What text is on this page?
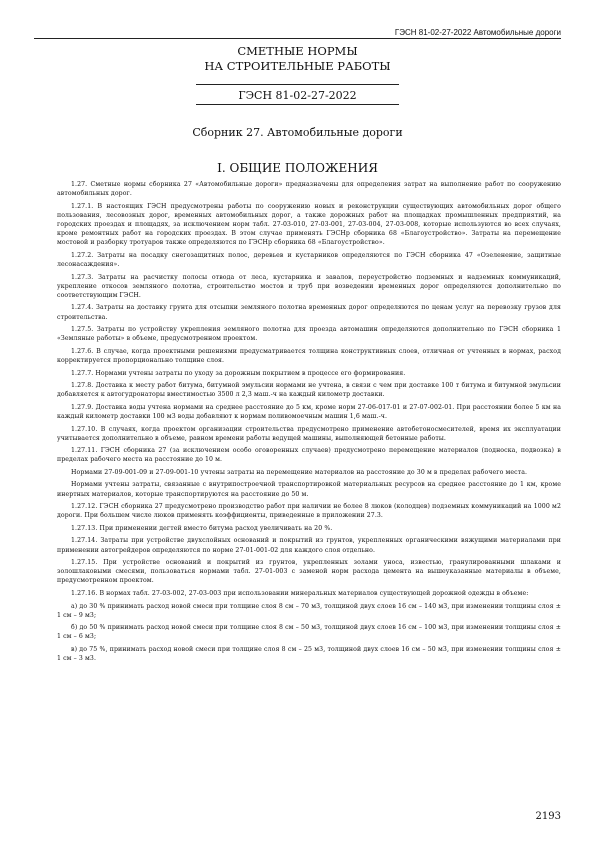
ГЭСН 81-02-27-2022 Автомобильные дороги
СМЕТНЫЕ НОРМЫ
НА СТРОИТЕЛЬНЫЕ РАБОТЫ
ГЭСН 81-02-27-2022
Сборник 27. Автомобильные дороги
I. ОБЩИЕ ПОЛОЖЕНИЯ

1.27. Сметные нормы сборника 27 «Автомобильные дороги» предназначены для определения затрат на выполнение работ по сооружению автомобильных дорог.

1.27.1. В настоящих ГЭСН предусмотрены работы по сооружению новых и реконструкции существующих автомобильных дорог общего пользования, лесовозных дорог, временных автомобильных дорог, а также дорожных работ на площадках промышленных предприятий, на городских проездах и площадях, за исключением норм табл. 27-03-010, 27-03-001, 27-03-004, 27-03-008, которые используются во всех случаях, кроме ремонтных работ на городских проездах. В этом случае применять ГЭСНр сборника 68 «Благоустройство». Затраты на перемещение мостовой и разборку тротуаров также определяются по ГЭСНр сборника 68 «Благоустройство».

1.27.2. Затраты на посадку снегозащитных полос, деревьев и кустарников определяются по ГЭСН сборника 47 «Озеленение, защитные лесонасаждения».

1.27.3. Затраты на расчистку полосы отвода от леса, кустарника и завалов, переустройство подземных и надземных коммуникаций, укрепление откосов земляного полотна, строительство мостов и труб при возведении временных дорог определяются дополнительно по соответствующим ГЭСН.

1.27.4. Затраты на доставку грунта для отсыпки земляного полотна временных дорог определяются по ценам услуг на перевозку грузов для строительства.

1.27.5. Затраты по устройству укрепления земляного полотна для проезда автомашин определяются дополнительно по ГЭСН сборника 1 «Земляные работы» в объеме, предусмотренном проектом.

1.27.6. В случае, когда проектными решениями предусматривается толщина конструктивных слоев, отличная от учтенных в нормах, расход корректируется пропорционально толщине слоя.

1.27.7. Нормами учтены затраты по уходу за дорожным покрытием в процессе его формирования.

1.27.8. Доставка к месту работ битума, битумной эмульсии нормами не учтена, в связи с чем при доставке 100 т битума и битумной эмульсии добавляется к автогудронаторы вместимостью 3500 л 2,3 маш.-ч на каждый километр доставки.

1.27.9. Доставка воды учтена нормами на среднее расстояние до 5 км, кроме норм 27-06-017-01 и 27-07-002-01. При расстоянии более 5 км на каждый километр доставки 100 м3 воды добавляют к нормам поливомоечным машин 1,6 маш.-ч.

1.27.10. В случаях, когда проектом организации строительства предусмотрено применение автобетоносмесителей, время их эксплуатации учитывается дополнительно в объеме, равном времени работы ведущей машины, выполняющей бетонные работы.

1.27.11. ГЭСН сборника 27 (за исключением особо оговоренных случаев) предусмотрено перемещение материалов (подноска, подвозка) в пределах рабочего места на расстояние до 10 м.

Нормами 27-09-001-09 и 27-09-001-10 учтены затраты на перемещение материалов на расстояние до 30 м в пределах рабочего места.

Нормами учтены затраты, связанные с внутрипостроечной транспортировкой материальных ресурсов на среднее расстояние до 1 км, кроме инертных материалов, которые транспортируются на расстояние до 50 м.

1.27.12. ГЭСН сборника 27 предусмотрено производство работ при наличии не более 8 люков (колодцев) подземных коммуникаций на 1000 м2 дороги. При большем числе люков применять коэффициенты, приведенные в приложении 27.3.

1.27.13. При применении дегтей вместо битума расход увеличивать на 20 %.

1.27.14. Затраты при устройстве двухслойных оснований и покрытий из грунтов, укрепленных органическими вяжущими материалами при применении автогрейдеров определяются по норме 27-01-001-02 для каждого слоя отдельно.

1.27.15. При устройстве оснований и покрытий из грунтов, укрепленных золами уноса, известью, гранулированными шлаками и золошлаковыми смесями, пользоваться нормами табл. 27-01-003 с заменой норм расхода цемента на вышеуказанные материалы в объеме, предусмотренном проектом.

1.27.16. В нормах табл. 27-03-002, 27-03-003 при использовании минеральных материалов существующей дорожной одежды в объеме:

а) до 30 % принимать расход новой смеси при толщине слоя 8 см – 70 м3, толщиной двух слоев 16 см – 140 м3, при изменении толщины слоя ± 1 см – 9 м3;

б) до 50 % принимать расход новой смеси при толщине слоя 8 см – 50 м3, толщиной двух слоев 16 см – 100 м3, при изменении толщины слоя ± 1 см – 6 м3;

в) до 75 %, принимать расход новой смеси при толщине слоя 8 см – 25 м3, толщиной двух слоев 16 см – 50 м3, при изменении толщины слоя ± 1 см – 3 м3.

2193
